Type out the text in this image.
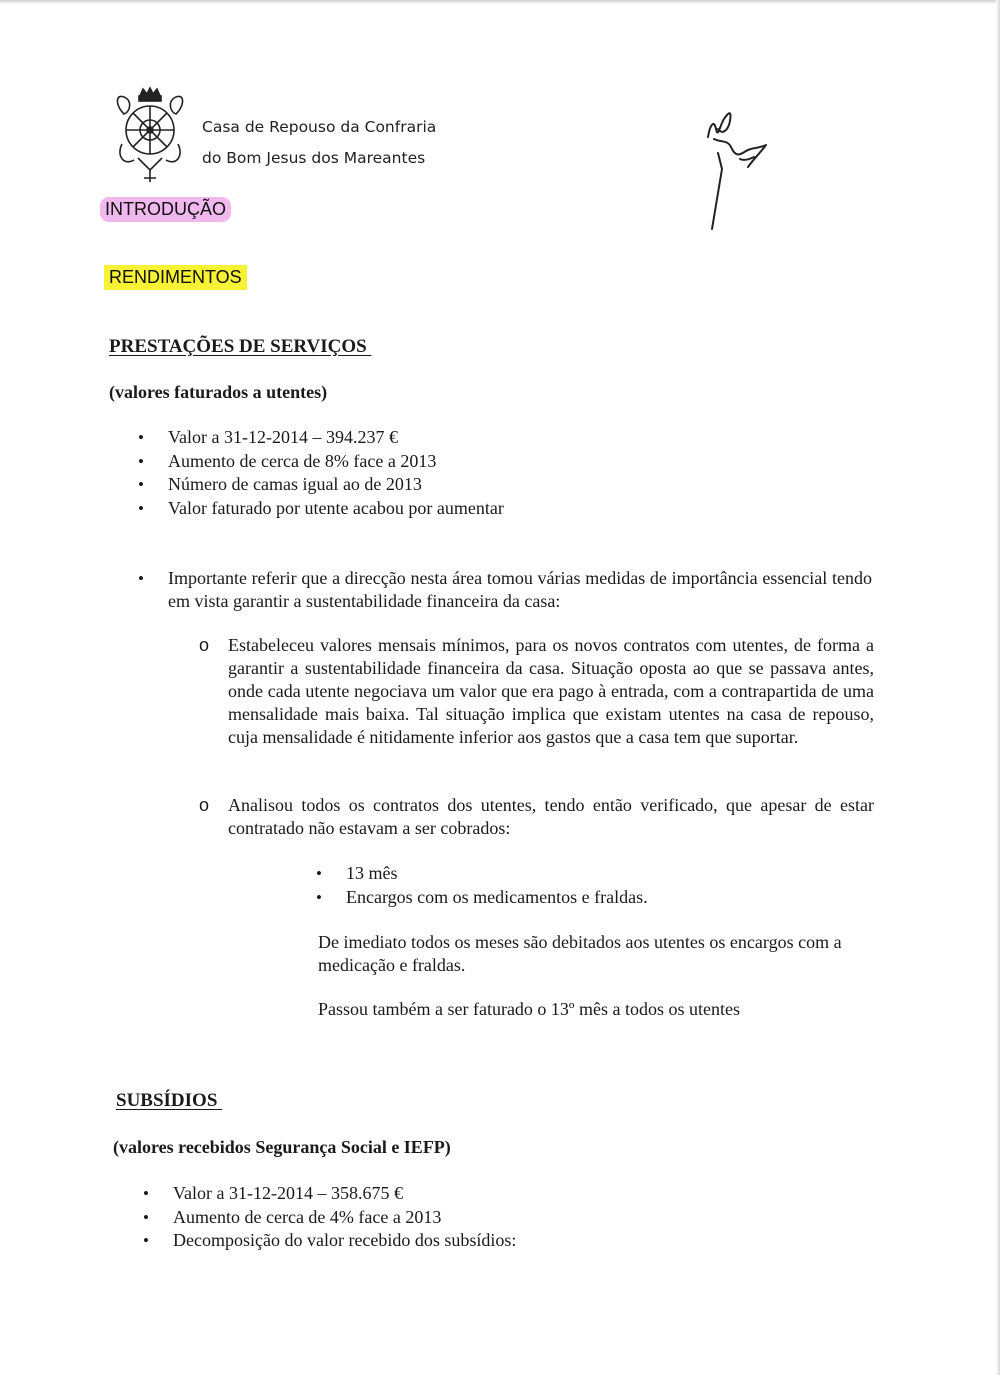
Casa de Repouso da Confraria
do Bom Jesus dos Mareantes
INTRODUÇÃO
RENDIMENTOS
PRESTAÇÕES DE SERVIÇOS
(valores faturados a utentes)
• Valor a 31-12-2014 – 394.237 €
• Aumento de cerca de 8% face a 2013
• Número de camas igual ao de 2013
• Valor faturado por utente acabou por aumentar
• Importante referir que a direcção nesta área tomou várias medidas de importância essencial tendo em vista garantir a sustentabilidade financeira da casa:
o Estabeleceu valores mensais mínimos, para os novos contratos com utentes, de forma a garantir a sustentabilidade financeira da casa. Situação oposta ao que se passava antes, onde cada utente negociava um valor que era pago à entrada, com a contrapartida de uma mensalidade mais baixa. Tal situação implica que existam utentes na casa de repouso, cuja mensalidade é nitidamente inferior aos gastos que a casa tem que suportar.
o Analisou todos os contratos dos utentes, tendo então verificado, que apesar de estar contratado não estavam a ser cobrados:
• 13 mês
• Encargos com os medicamentos e fraldas.
De imediato todos os meses são debitados aos utentes os encargos com a medicação e fraldas.
Passou também a ser faturado o 13º mês a todos os utentes
SUBSÍDIOS
(valores recebidos Segurança Social e IEFP)
• Valor a 31-12-2014 – 358.675 €
• Aumento de cerca de 4% face a 2013
• Decomposição do valor recebido dos subsídios:
